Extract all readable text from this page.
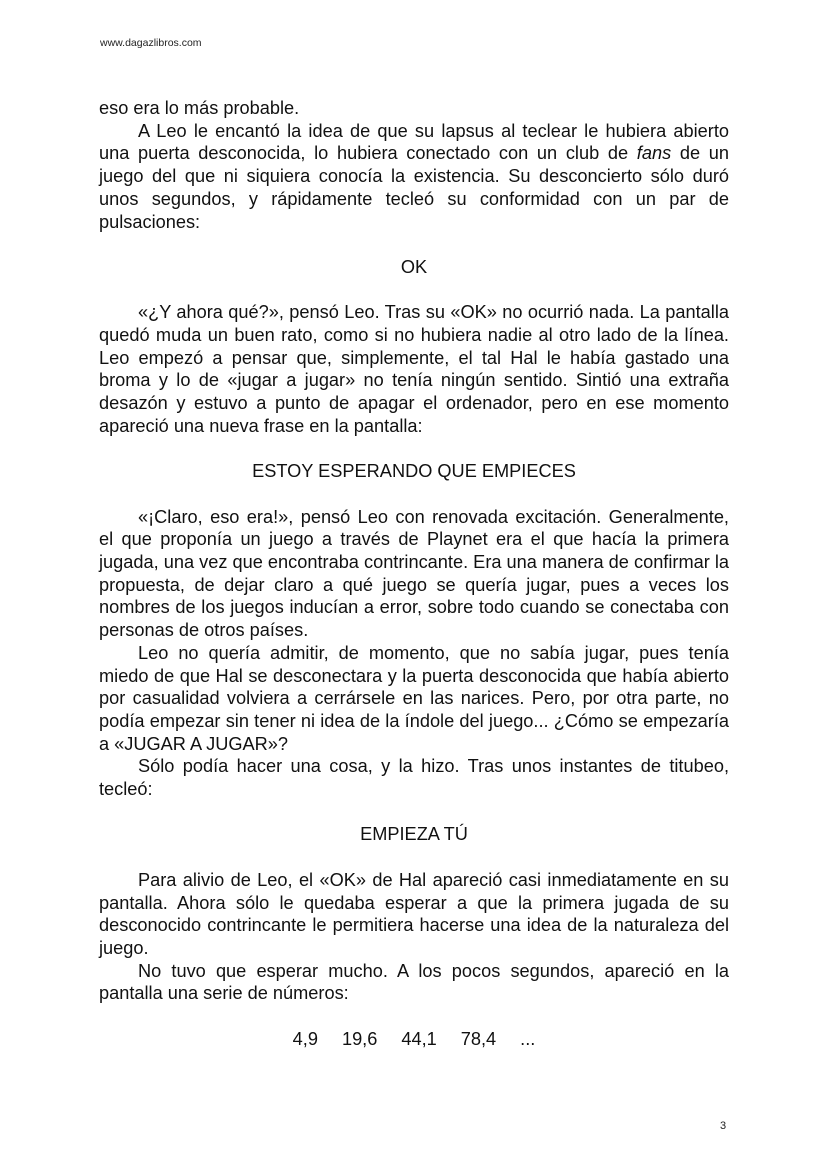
www.dagazlibros.com

eso era lo más probable.

A Leo le encantó la idea de que su lapsus al teclear le hubiera abierto una puerta desconocida, lo hubiera conectado con un club de fans de un juego del que ni siquiera conocía la existencia. Su desconcierto sólo duró unos segundos, y rápidamente tecleó su conformidad con un par de pulsaciones:

OK

«¿Y ahora qué?», pensó Leo. Tras su «OK» no ocurrió nada. La pantalla quedó muda un buen rato, como si no hubiera nadie al otro lado de la línea. Leo empezó a pensar que, simplemente, el tal Hal le había gastado una broma y lo de «jugar a jugar» no tenía ningún sentido. Sintió una extraña desazón y estuvo a punto de apagar el ordenador, pero en ese momento apareció una nueva frase en la pantalla:

ESTOY ESPERANDO QUE EMPIECES

«¡Claro, eso era!», pensó Leo con renovada excitación. Generalmente, el que proponía un juego a través de Playnet era el que hacía la primera jugada, una vez que encontraba contrincante. Era una manera de confirmar la propuesta, de dejar claro a qué juego se quería jugar, pues a veces los nombres de los juegos inducían a error, sobre todo cuando se conectaba con personas de otros países.

Leo no quería admitir, de momento, que no sabía jugar, pues tenía miedo de que Hal se desconectara y la puerta desconocida que había abierto por casualidad volviera a cerrársele en las narices. Pero, por otra parte, no podía empezar sin tener ni idea de la índole del juego... ¿Cómo se empezaría a «JUGAR A JUGAR»?

Sólo podía hacer una cosa, y la hizo. Tras unos instantes de titubeo, tecleó:

EMPIEZA TÚ

Para alivio de Leo, el «OK» de Hal apareció casi inmediatamente en su pantalla. Ahora sólo le quedaba esperar a que la primera jugada de su desconocido contrincante le permitiera hacerse una idea de la naturaleza del juego.

No tuvo que esperar mucho. A los pocos segundos, apareció en la pantalla una serie de números:

4,9 19,6 44,1 78,4 ...
3
